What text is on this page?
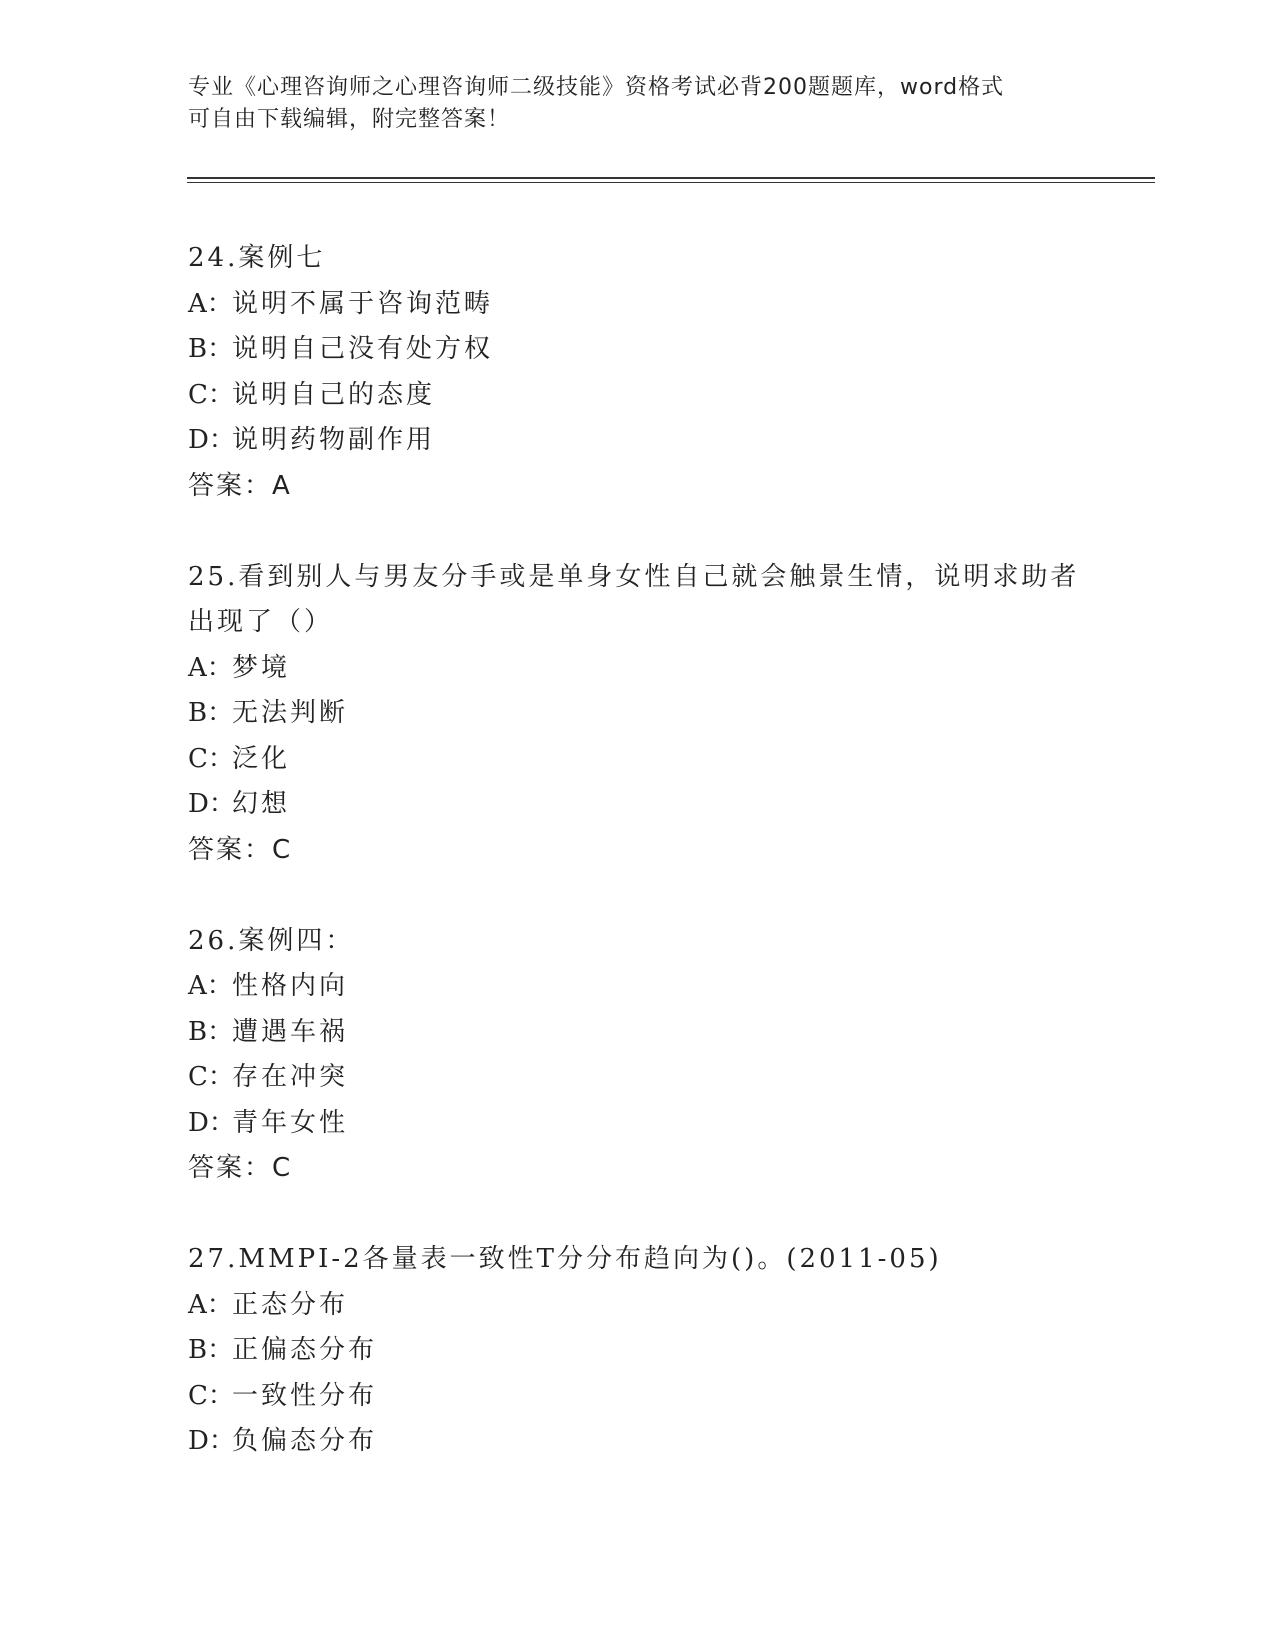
专业《心理咨询师之心理咨询师二级技能》资格考试必背200题题库，word格式
可自由下载编辑，附完整答案！
24.案例七
A：说明不属于咨询范畴
B：说明自己没有处方权
C：说明自己的态度
D：说明药物副作用
答案：A
25.看到别人与男友分手或是单身女性自己就会触景生情，说明求助者
出现了（）
A：梦境
B：无法判断
C：泛化
D：幻想
答案：C
26.案例四：
A：性格内向
B：遭遇车祸
C：存在冲突
D：青年女性
答案：C
27.MMPI-2各量表一致性T分分布趋向为()。(2011-05)
A：正态分布
B：正偏态分布
C：一致性分布
D：负偏态分布
